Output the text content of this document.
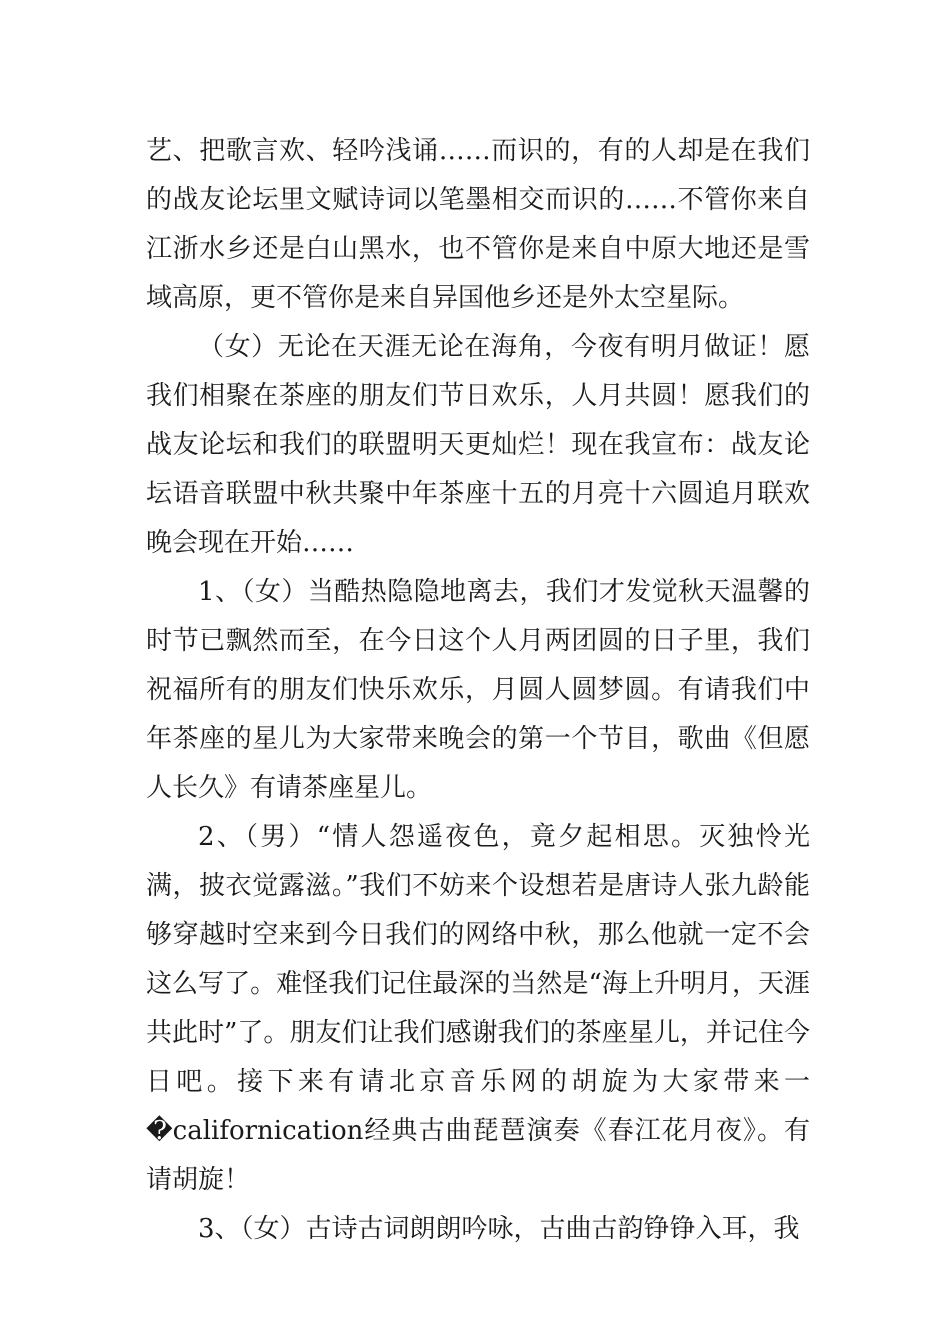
艺、把歌言欢、轻吟浅诵……而识的，有的人却是在我们的战友论坛里文赋诗词以笔墨相交而识的……不管你来自江浙水乡还是白山黑水，也不管你是来自中原大地还是雪域高原，更不管你是来自异国他乡还是外太空星际。

（女）无论在天涯无论在海角，今夜有明月做证！愿我们相聚在茶座的朋友们节日欢乐，人月共圆！愿我们的战友论坛和我们的联盟明天更灿烂！现在我宣布：战友论坛语音联盟中秋共聚中年茶座十五的月亮十六圆追月联欢晚会现在开始……

1、（女）当酷热隐隐地离去，我们才发觉秋天温馨的时节已飘然而至，在今日这个人月两团圆的日子里，我们祝福所有的朋友们快乐欢乐，月圆人圆梦圆。有请我们中年茶座的星儿为大家带来晚会的第一个节目，歌曲《但愿人长久》有请茶座星儿。

2、（男）“情人怨遥夜色，竟夕起相思。灭独怜光满，披衣觉露滋。”我们不妨来个设想若是唐诗人张九龄能够穿越时空来到今日我们的网络中秋，那么他就一定不会这么写了。难怪我们记住最深的当然是“海上升明月，天涯共此时”了。朋友们让我们感谢我们的茶座星儿，并记住今日吧。接下来有请北京音乐网的胡旋为大家带来一�californication经典古曲琵琶演奏《春江花月夜》。有请胡旋！

3、（女）古诗古词朗朗吟咏，古曲古韵铮铮入耳，我
